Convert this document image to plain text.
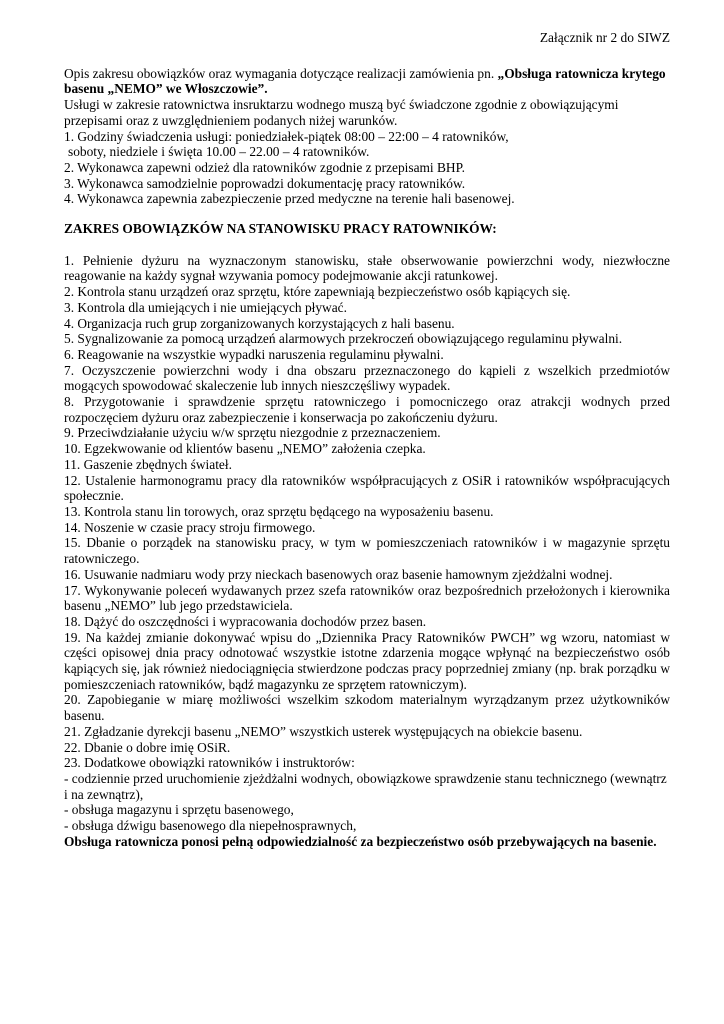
Załącznik nr 2 do SIWZ

Opis zakresu obowiązków oraz wymagania dotyczące realizacji zamówienia pn. „Obsługa ratownicza krytego basenu „NEMO” we Włoszczowie”.

Usługi w zakresie ratownictwa insruktarzu wodnego muszą być świadczone zgodnie z obowiązującymi przepisami oraz z uwzględnieniem podanych niżej warunków.

1. Godziny świadczenia usługi: poniedziałek-piątek 08:00 – 22:00 – 4 ratowników,

soboty, niedziele i święta 10.00 – 22.00 – 4 ratowników.

2. Wykonawca zapewni odzież dla ratowników zgodnie z przepisami BHP.

3. Wykonawca samodzielnie poprowadzi dokumentację pracy ratowników.

4. Wykonawca zapewnia zabezpieczenie przed medyczne na terenie hali basenowej.

ZAKRES OBOWIĄZKÓW NA STANOWISKU PRACY RATOWNIKÓW:

1. Pełnienie dyżuru na wyznaczonym stanowisku, stałe obserwowanie powierzchni wody, niezwłoczne reagowanie na każdy sygnał wzywania pomocy podejmowanie akcji ratunkowej.

2. Kontrola stanu urządzeń oraz sprzętu, które zapewniają bezpieczeństwo osób kąpiących się.

3. Kontrola dla umiejących i nie umiejących pływać.

4. Organizacja ruch grup zorganizowanych korzystających z hali basenu.

5. Sygnalizowanie za pomocą urządzeń alarmowych przekroczeń obowiązującego regulaminu pływalni.

6. Reagowanie na wszystkie wypadki naruszenia regulaminu pływalni.

7. Oczyszczenie powierzchni wody i dna obszaru przeznaczonego do kąpieli z wszelkich przedmiotów mogących spowodować skaleczenie lub innych nieszczęśliwy wypadek.

8. Przygotowanie i sprawdzenie sprzętu ratowniczego i pomocniczego oraz atrakcji wodnych przed rozpoczęciem dyżuru oraz zabezpieczenie i konserwacja po zakończeniu dyżuru.

9. Przeciwdziałanie użyciu w/w sprzętu niezgodnie z przeznaczeniem.

10. Egzekwowanie od klientów basenu „NEMO” założenia czepka.

11. Gaszenie zbędnych świateł.

12. Ustalenie harmonogramu pracy dla ratowników współpracujących z OSiR i ratowników współpracujących społecznie.

13. Kontrola stanu lin torowych, oraz sprzętu będącego na wyposażeniu basenu.

14. Noszenie w czasie pracy stroju firmowego.

15. Dbanie o porządek na stanowisku pracy, w tym w pomieszczeniach ratowników i w magazynie sprzętu ratowniczego.

16. Usuwanie nadmiaru wody przy nieckach basenowych oraz basenie hamownym zjeżdżalni wodnej.

17. Wykonywanie poleceń wydawanych przez szefa ratowników oraz bezpośrednich przełożonych i kierownika basenu „NEMO” lub jego przedstawiciela.

18. Dążyć do oszczędności i wypracowania dochodów przez basen.

19. Na każdej zmianie dokonywać wpisu do „Dziennika Pracy Ratowników PWCH” wg wzoru, natomiast w części opisowej dnia pracy odnotować wszystkie istotne zdarzenia mogące wpłynąć na bezpieczeństwo osób kąpiących się, jak również niedociągnięcia stwierdzone podczas pracy poprzedniej zmiany (np. brak porządku w pomieszczeniach ratowników, bądź magazynku ze sprzętem ratowniczym).

20. Zapobieganie w miarę możliwości wszelkim szkodom materialnym wyrządzanym przez użytkowników basenu.

21. Zgładzanie dyrekcji basenu „NEMO” wszystkich usterek występujących na obiekcie basenu.

22. Dbanie o dobre imię OSiR.

23. Dodatkowe obowiązki ratowników i instruktorów:

- codziennie przed uruchomienie zjeżdżalni wodnych, obowiązkowe sprawdzenie stanu technicznego (wewnątrz i na zewnątrz),

- obsługa magazynu i sprzętu basenowego,

- obsługa dźwigu basenowego dla niepełnosprawnych,

Obsługa ratownicza ponosi pełną odpowiedzialność za bezpieczeństwo osób przebywających na basenie.
